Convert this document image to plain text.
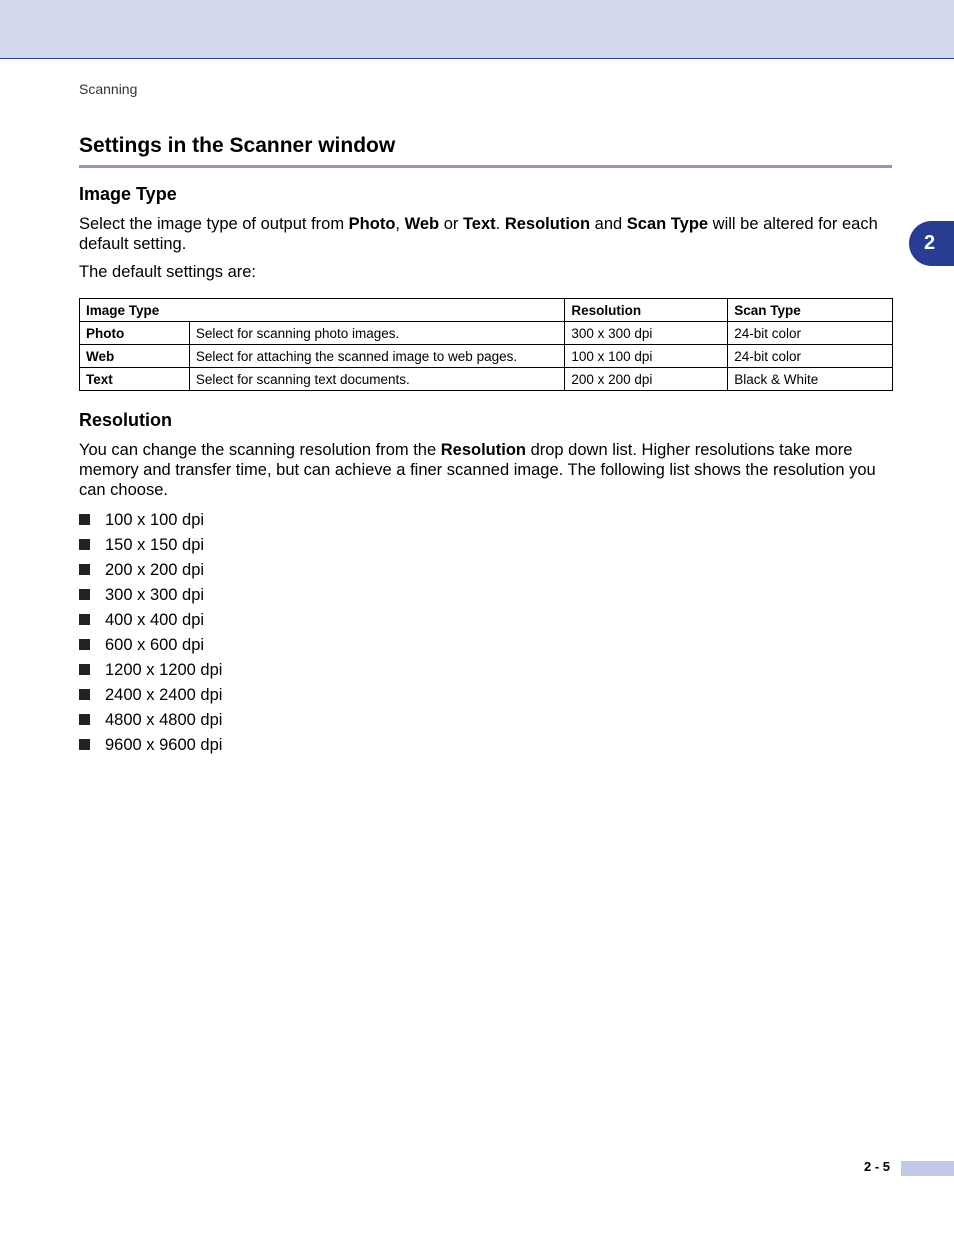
Scanning
Settings in the Scanner window
2
Image Type

Select the image type of output from Photo, Web or Text. Resolution and Scan Type will be altered for each default setting.

The default settings are:

Image Type		Resolution	Scan Type
Photo	Select for scanning photo images.	300 x 300 dpi	24-bit color
Web	Select for attaching the scanned image to web pages.	100 x 100 dpi	24-bit color
Text	Select for scanning text documents.	200 x 200 dpi	Black & White
Resolution

You can change the scanning resolution from the Resolution drop down list. Higher resolutions take more memory and transfer time, but can achieve a finer scanned image. The following list shows the resolution you can choose.

100 x 100 dpi
150 x 150 dpi
200 x 200 dpi
300 x 300 dpi
400 x 400 dpi
600 x 600 dpi
1200 x 1200 dpi
2400 x 2400 dpi
4800 x 4800 dpi
9600 x 9600 dpi
2 - 5
